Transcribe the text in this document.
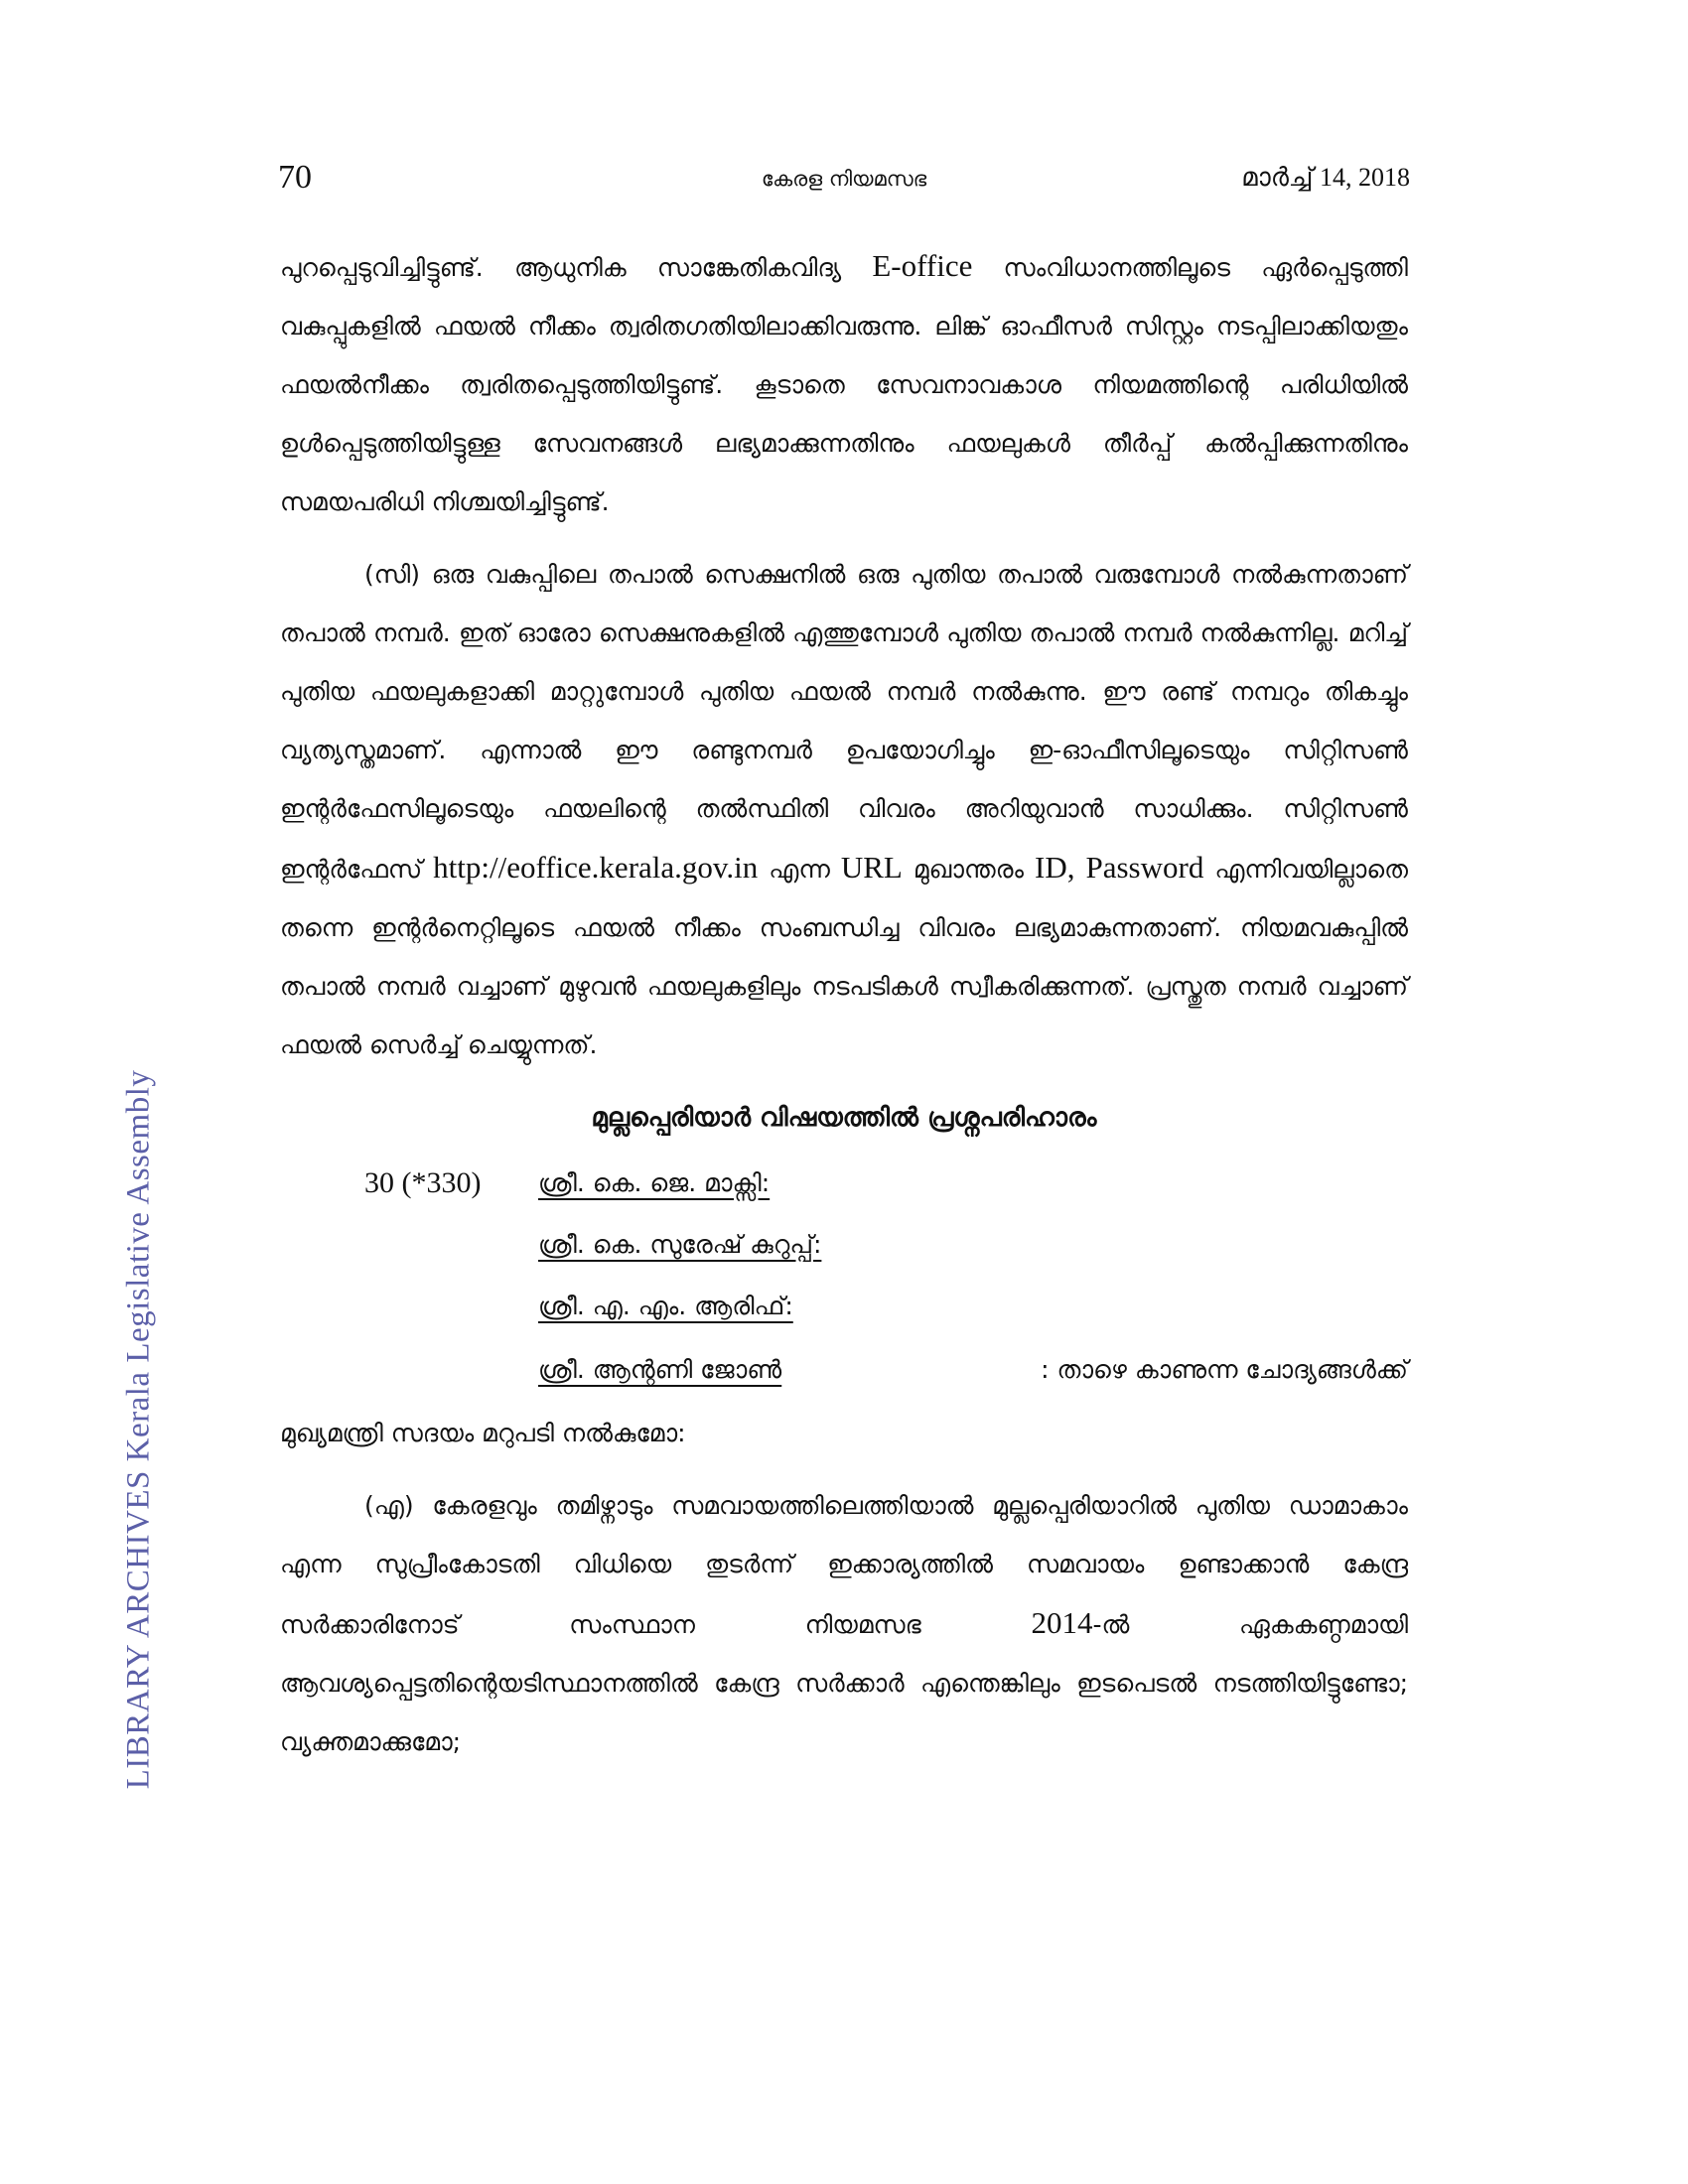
LIBRARY ARCHIVES Kerala Legislative Assembly
70	കേരള നിയമസഭ	മാർച്ച് 14, 2018

പുറപ്പെടുവിച്ചിട്ടുണ്ട്. ആധുനിക സാങ്കേതികവിദ്യ E-office സംവിധാനത്തിലൂടെ ഏർപ്പെടുത്തി വകുപ്പുകളിൽ ഫയൽ നീക്കം ത്വരിതഗതിയിലാക്കിവരുന്നു. ലിങ്ക് ഓഫീസർ സിസ്റ്റം നടപ്പിലാക്കിയതും ഫയൽനീക്കം ത്വരിതപ്പെടുത്തിയിട്ടുണ്ട്. കൂടാതെ സേവനാവകാശ നിയമത്തിന്റെ പരിധിയിൽ ഉൾപ്പെടുത്തിയിട്ടുള്ള സേവനങ്ങൾ ലഭ്യമാക്കുന്നതിനും ഫയലുകൾ തീർപ്പ് കൽപ്പിക്കുന്നതിനും സമയപരിധി നിശ്ചയിച്ചിട്ടുണ്ട്.

(സി) ഒരു വകുപ്പിലെ തപാൽ സെക്ഷനിൽ ഒരു പുതിയ തപാൽ വരുമ്പോൾ നൽകുന്നതാണ് തപാൽ നമ്പർ. ഇത് ഓരോ സെക്ഷനുകളിൽ എത്തുമ്പോൾ പുതിയ തപാൽ നമ്പർ നൽകുന്നില്ല. മറിച്ച് പുതിയ ഫയലുകളാക്കി മാറ്റുമ്പോൾ പുതിയ ഫയൽ നമ്പർ നൽകുന്നു. ഈ രണ്ട് നമ്പറും തികച്ചും വ്യത്യസ്തമാണ്. എന്നാൽ ഈ രണ്ടുനമ്പർ ഉപയോഗിച്ചും ഇ-ഓഫീസിലൂടെയും സിറ്റിസൺ ഇന്റർഫേസിലൂടെയും ഫയലിന്റെ തൽസ്ഥിതി വിവരം അറിയുവാൻ സാധിക്കും. സിറ്റിസൺ ഇന്റർഫേസ് http://eoffice.kerala.gov.in എന്ന URL മുഖാന്തരം ID, Password എന്നിവയില്ലാതെ തന്നെ ഇന്റർനെറ്റിലൂടെ ഫയൽ നീക്കം സംബന്ധിച്ച വിവരം ലഭ്യമാകുന്നതാണ്. നിയമവകുപ്പിൽ തപാൽ നമ്പർ വച്ചാണ് മുഴുവൻ ഫയലുകളിലും നടപടികൾ സ്വീകരിക്കുന്നത്. പ്രസ്തുത നമ്പർ വച്ചാണ് ഫയൽ സെർച്ച് ചെയ്യുന്നത്.

മുല്ലപ്പെരിയാർ വിഷയത്തിൽ പ്രശ്നപരിഹാരം
30 (*330) ശ്രീ. കെ. ജെ. മാക്സി:
ശ്രീ. കെ. സുരേഷ് കുറുപ്പ്:
ശ്രീ. എ. എം. ആരിഫ്:
ശ്രീ. ആന്റണി ജോൺ	: താഴെ കാണുന്ന ചോദ്യങ്ങൾക്ക്

മുഖ്യമന്ത്രി സദയം മറുപടി നൽകുമോ:

(എ) കേരളവും തമിഴ്നാടും സമവായത്തിലെത്തിയാൽ മുല്ലപ്പെരിയാറിൽ പുതിയ ഡാമാകാം എന്ന സുപ്രീംകോടതി വിധിയെ തുടർന്ന് ഇക്കാര്യത്തിൽ സമവായം ഉണ്ടാക്കാൻ കേന്ദ്ര സർക്കാരിനോട് സംസ്ഥാന നിയമസഭ 2014-ൽ ഏകകണ്ഠമായി ആവശ്യപ്പെട്ടതിന്റെയടിസ്ഥാനത്തിൽ കേന്ദ്ര സർക്കാർ എന്തെങ്കിലും ഇടപെടൽ നടത്തിയിട്ടുണ്ടോ; വ്യക്തമാക്കുമോ;
